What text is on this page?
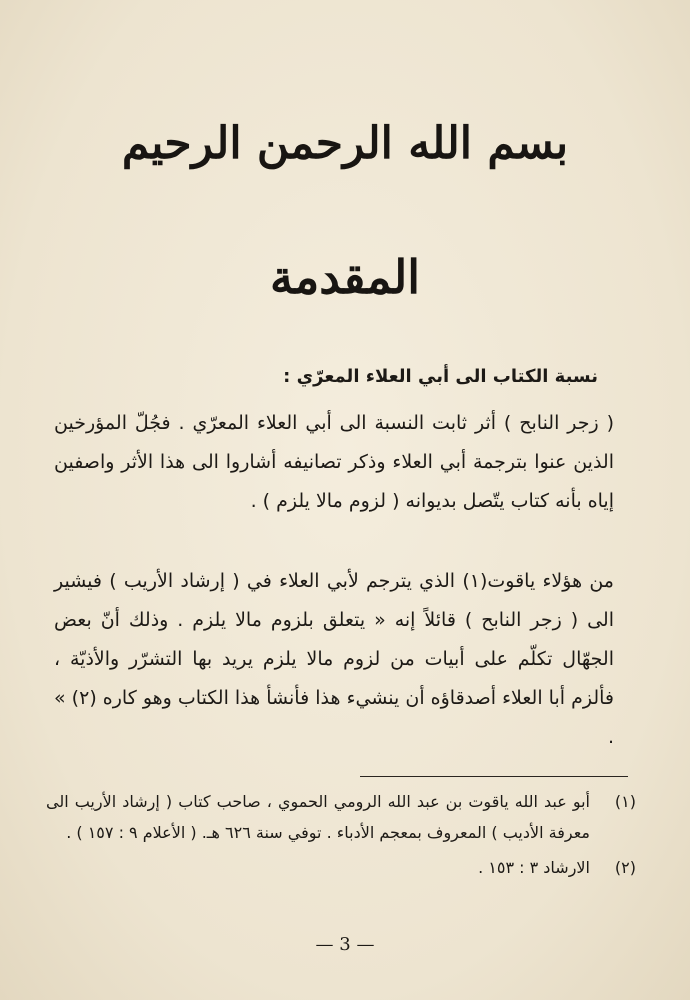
بسم الله الرحمن الرحيم
المقدمة
نسبة الكتاب الى أبي العلاء المعرّي :
( زجر النابح ) أثر ثابت النسبة الى أبي العلاء المعرّي . فجُلّ المؤرخين الذين عنوا بترجمة أبي العلاء وذكر تصانيفه أشاروا الى هذا الأثر واصفين إياه بأنه كتاب يتّصل بديوانه ( لزوم مالا يلزم ) .
من هؤلاء ياقوت(١) الذي يترجم لأبي العلاء في ( إرشاد الأريب ) فيشير الى ( زجر النابح ) قائلاً إنه « يتعلق بلزوم مالا يلزم . وذلك أنّ بعض الجهّال تكلّم على أبيات من لزوم مالا يلزم يريد بها التشرّر والأذيّة ، فألزم أبا العلاء أصدقاؤه أن ينشيء هذا فأنشأ هذا الكتاب وهو كاره (٢) » .
(١)
أبو عبد الله ياقوت بن عبد الله الرومي الحموي ، صاحب كتاب ( إرشاد الأريب الى معرفة الأديب ) المعروف بمعجم الأدباء . توفي سنة ٦٢٦ هـ. ( الأعلام ٩ : ١٥٧ ) .
(٢)
الارشاد ٣ : ١٥٣ .
— 3 —
